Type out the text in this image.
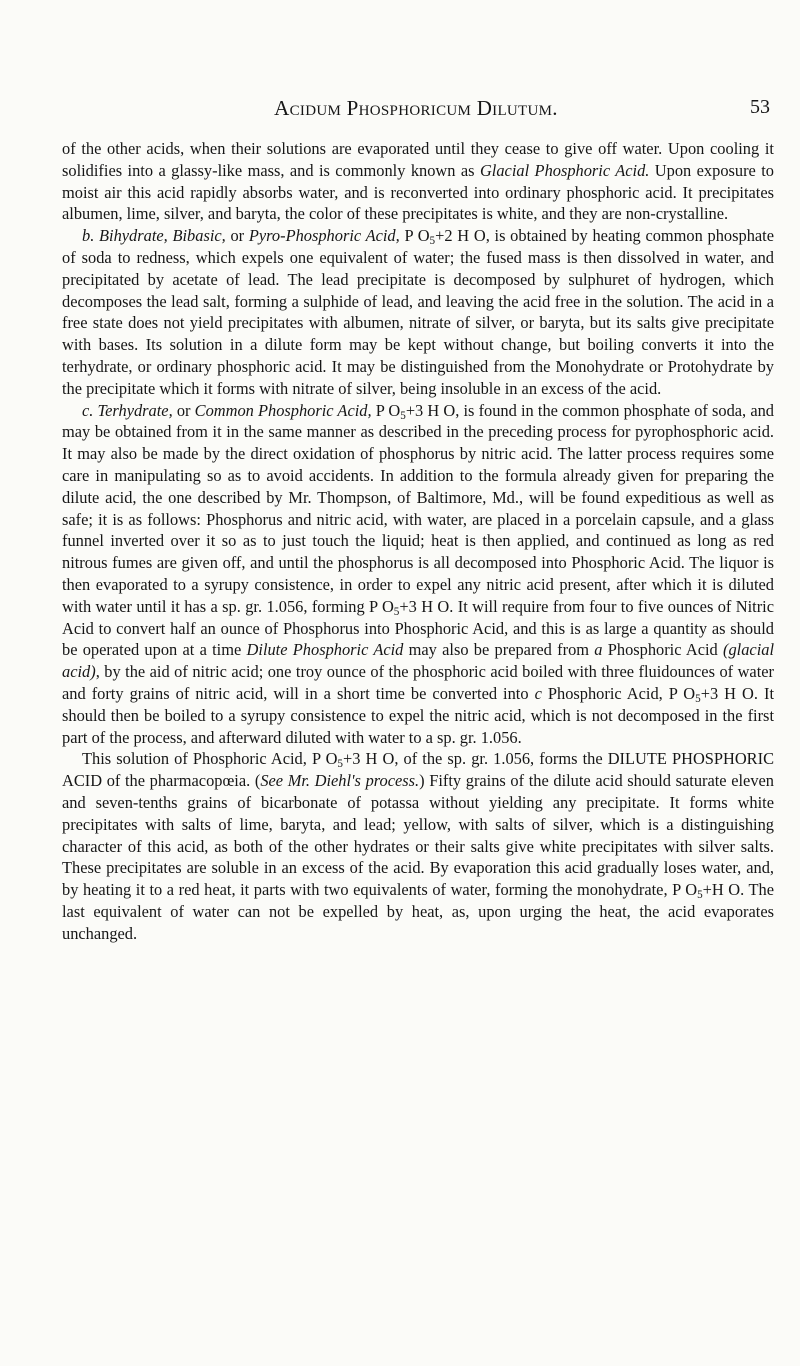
Acidum Phosphoricum Dilutum.	53

of the other acids, when their solutions are evaporated until they cease to give off water. Upon cooling it solidifies into a glassy-like mass, and is commonly known as Glacial Phosphoric Acid. Upon exposure to moist air this acid rapidly absorbs water, and is reconverted into ordinary phosphoric acid. It precipitates albumen, lime, silver, and baryta, the color of these precipitates is white, and they are non-crystalline.

b. Bihydrate, Bibasic, or Pyro-Phosphoric Acid, P $O_5+2$ H O, is obtained by heating common phosphate of soda to redness, which expels one equivalent of water; the fused mass is then dissolved in water, and precipitated by acetate of lead. The lead precipitate is decomposed by sulphuret of hydrogen, which decomposes the lead salt, forming a sulphide of lead, and leaving the acid free in the solution. The acid in a free state does not yield precipitates with albumen, nitrate of silver, or baryta, but its salts give precipitate with bases. Its solution in a dilute form may be kept without change, but boiling converts it into the terhydrate, or ordinary phosphoric acid. It may be distinguished from the Monohydrate or Protohydrate by the precipitate which it forms with nitrate of silver, being insoluble in an excess of the acid.

c. Terhydrate, or Common Phosphoric Acid, P $O_5+3$ H O, is found in the common phosphate of soda, and may be obtained from it in the same manner as described in the preceding process for pyrophosphoric acid. It may also be made by the direct oxidation of phosphorus by nitric acid. The latter process requires some care in manipulating so as to avoid accidents. In addition to the formula already given for preparing the dilute acid, the one described by Mr. Thompson, of Baltimore, Md., will be found expeditious as well as safe; it is as follows: Phosphorus and nitric acid, with water, are placed in a porcelain capsule, and a glass funnel inverted over it so as to just touch the liquid; heat is then applied, and continued as long as red nitrous fumes are given off, and until the phosphorus is all decomposed into Phosphoric Acid. The liquor is then evaporated to a syrupy consistence, in order to expel any nitric acid present, after which it is diluted with water until it has a sp. gr. 1.056, forming P $O_5+3$ H O. It will require from four to five ounces of Nitric Acid to convert half an ounce of Phosphorus into Phosphoric Acid, and this is as large a quantity as should be operated upon at a time Dilute Phosphoric Acid may also be prepared from a Phosphoric Acid (glacial acid), by the aid of nitric acid; one troy ounce of the phosphoric acid boiled with three fluidounces of water and forty grains of nitric acid, will in a short time be converted into c Phosphoric Acid, P $O_5+3$ H O. It should then be boiled to a syrupy consistence to expel the nitric acid, which is not decomposed in the first part of the process, and afterward diluted with water to a sp. gr. 1.056.

This solution of Phosphoric Acid, P $O_5+3$ H O, of the sp. gr. 1.056, forms the DILUTE PHOSPHORIC ACID of the pharmacopœia. (See Mr. Diehl's process.) Fifty grains of the dilute acid should saturate eleven and seven-tenths grains of bicarbonate of potassa without yielding any precipitate. It forms white precipitates with salts of lime, baryta, and lead; yellow, with salts of silver, which is a distinguishing character of this acid, as both of the other hydrates or their salts give white precipitates with silver salts. These precipitates are soluble in an excess of the acid. By evaporation this acid gradually loses water, and, by heating it to a red heat, it parts with two equivalents of water, forming the monohydrate, P $O_5+H$ O. The last equivalent of water can not be expelled by heat, as, upon urging the heat, the acid evaporates unchanged.
